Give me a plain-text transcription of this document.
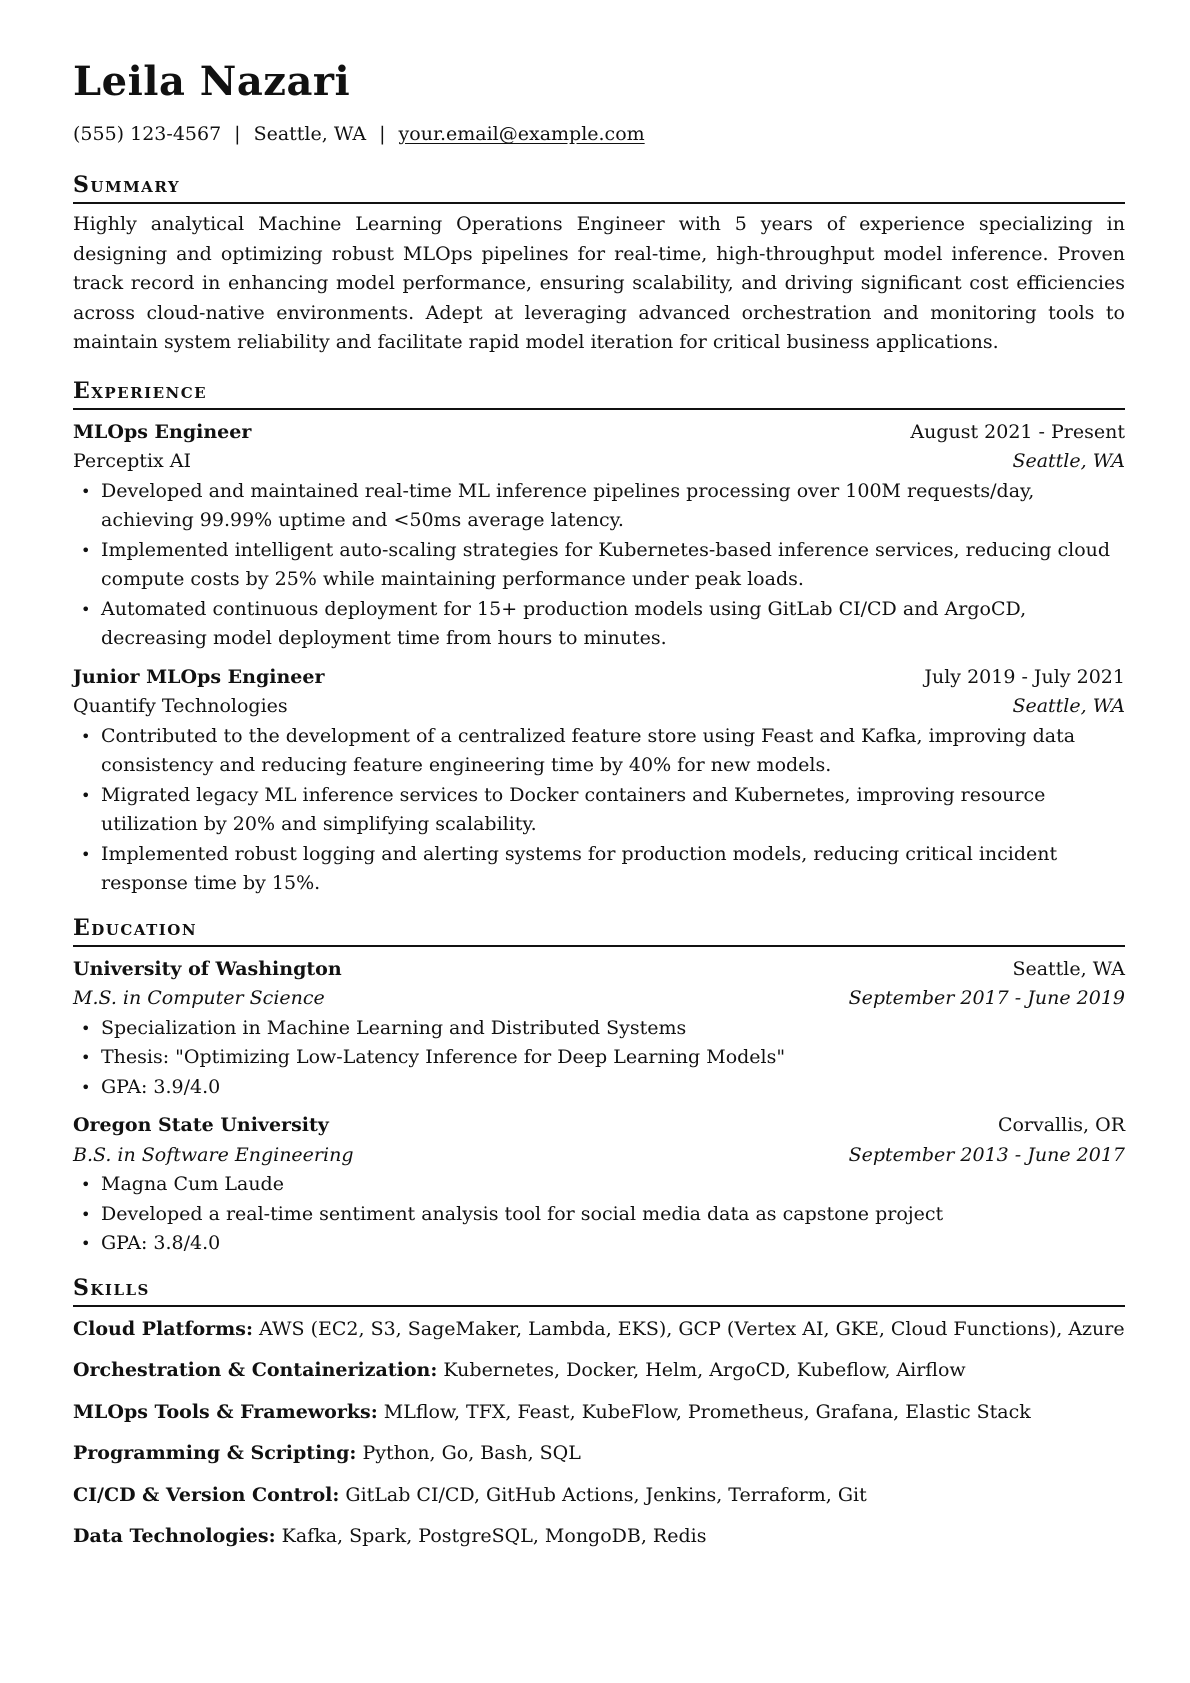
Leila Nazari
(555) 123-4567 | Seattle, WA | your.email@example.com
Summary

Highly analytical Machine Learning Operations Engineer with 5 years of experience specializing in designing and optimizing robust MLOps pipelines for real-time, high-throughput model inference. Proven track record in enhancing model performance, ensuring scalability, and driving significant cost efficiencies across cloud-native environments. Adept at leveraging advanced orchestration and monitoring tools to maintain system reliability and facilitate rapid model iteration for critical business applications.

Experience
MLOps Engineer	August 2021 - Present
Perceptix AI	Seattle, WA
• Developed and maintained real-time ML inference pipelines processing over 100M requests/day, achieving 99.99% uptime and <50ms average latency.
• Implemented intelligent auto-scaling strategies for Kubernetes-based inference services, reducing cloud compute costs by 25% while maintaining performance under peak loads.
• Automated continuous deployment for 15+ production models using GitLab CI/CD and ArgoCD, decreasing model deployment time from hours to minutes.
Junior MLOps Engineer	July 2019 - July 2021
Quantify Technologies	Seattle, WA
• Contributed to the development of a centralized feature store using Feast and Kafka, improving data consistency and reducing feature engineering time by 40% for new models.
• Migrated legacy ML inference services to Docker containers and Kubernetes, improving resource utilization by 20% and simplifying scalability.
• Implemented robust logging and alerting systems for production models, reducing critical incident response time by 15%.
Education
University of Washington	Seattle, WA
M.S. in Computer Science	September 2017 - June 2019
• Specialization in Machine Learning and Distributed Systems
• Thesis: "Optimizing Low-Latency Inference for Deep Learning Models"
• GPA: 3.9/4.0
Oregon State University	Corvallis, OR
B.S. in Software Engineering	September 2013 - June 2017
• Magna Cum Laude
• Developed a real-time sentiment analysis tool for social media data as capstone project
• GPA: 3.8/4.0
Skills
Cloud Platforms: AWS (EC2, S3, SageMaker, Lambda, EKS), GCP (Vertex AI, GKE, Cloud Functions), Azure
Orchestration & Containerization: Kubernetes, Docker, Helm, ArgoCD, Kubeflow, Airflow
MLOps Tools & Frameworks: MLflow, TFX, Feast, KubeFlow, Prometheus, Grafana, Elastic Stack
Programming & Scripting: Python, Go, Bash, SQL
CI/CD & Version Control: GitLab CI/CD, GitHub Actions, Jenkins, Terraform, Git
Data Technologies: Kafka, Spark, PostgreSQL, MongoDB, Redis
